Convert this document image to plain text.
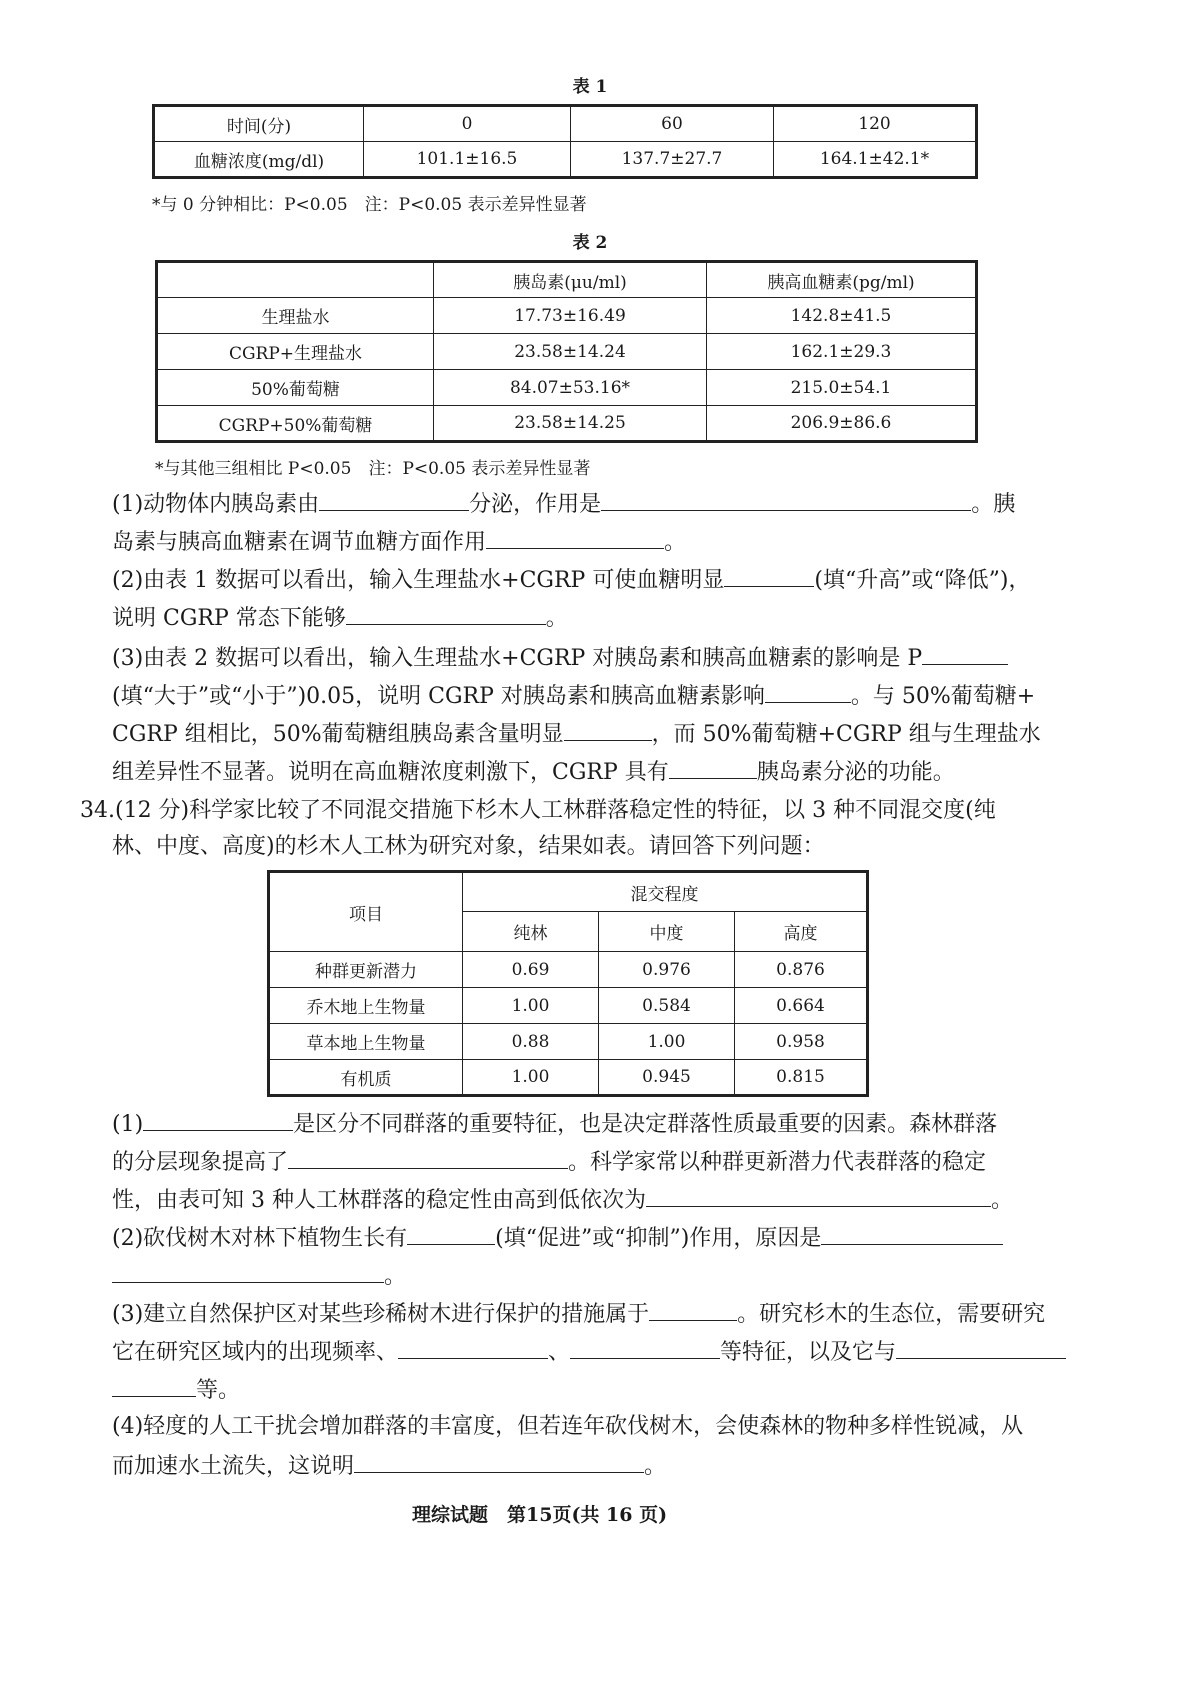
表 1
时间(分)	0	60	120
血糖浓度(mg/dl)	101.1±16.5	137.7±27.7	164.1±42.1*
*与 0 分钟相比：P<0.05　注：P<0.05 表示差异性显著
表 2
	胰岛素(μu/ml)	胰高血糖素(pg/ml)
生理盐水	17.73±16.49	142.8±41.5
CGRP+生理盐水	23.58±14.24	162.1±29.3
50%葡萄糖	84.07±53.16*	215.0±54.1
CGRP+50%葡萄糖	23.58±14.25	206.9±86.6
*与其他三组相比 P<0.05　注：P<0.05 表示差异性显著
(1)动物体内胰岛素由	分泌，作用是	。胰
岛素与胰高血糖素在调节血糖方面作用	。
(2)由表 1 数据可以看出，输入生理盐水+CGRP 可使血糖明显	(填“升高”或“降低”)，
说明 CGRP 常态下能够	。
(3)由表 2 数据可以看出，输入生理盐水+CGRP 对胰岛素和胰高血糖素的影响是 P
(填“大于”或“小于”)0.05，说明 CGRP 对胰岛素和胰高血糖素影响	。与 50%葡萄糖+
CGRP 组相比，50%葡萄糖组胰岛素含量明显	，而 50%葡萄糖+CGRP 组与生理盐水
组差异性不显著。说明在高血糖浓度刺激下，CGRP 具有	胰岛素分泌的功能。
34.(12 分)科学家比较了不同混交措施下杉木人工林群落稳定性的特征，以 3 种不同混交度(纯
林、中度、高度)的杉木人工林为研究对象，结果如表。请回答下列问题：
项目	混交程度		
	纯林	中度	高度
种群更新潜力	0.69	0.976	0.876
乔木地上生物量	1.00	0.584	0.664
草本地上生物量	0.88	1.00	0.958
有机质	1.00	0.945	0.815
(1)	是区分不同群落的重要特征，也是决定群落性质最重要的因素。森林群落
的分层现象提高了	。科学家常以种群更新潜力代表群落的稳定
性，由表可知 3 种人工林群落的稳定性由高到低依次为	。
(2)砍伐树木对林下植物生长有	(填“促进”或“抑制”)作用，原因是
。
(3)建立自然保护区对某些珍稀树木进行保护的措施属于	。研究杉木的生态位，需要研究
它在研究区域内的出现频率、	、	等特征，以及它与
等。
(4)轻度的人工干扰会增加群落的丰富度，但若连年砍伐树木，会使森林的物种多样性锐减，从
而加速水土流失，这说明	。
理综试题　第15页(共 16 页)
